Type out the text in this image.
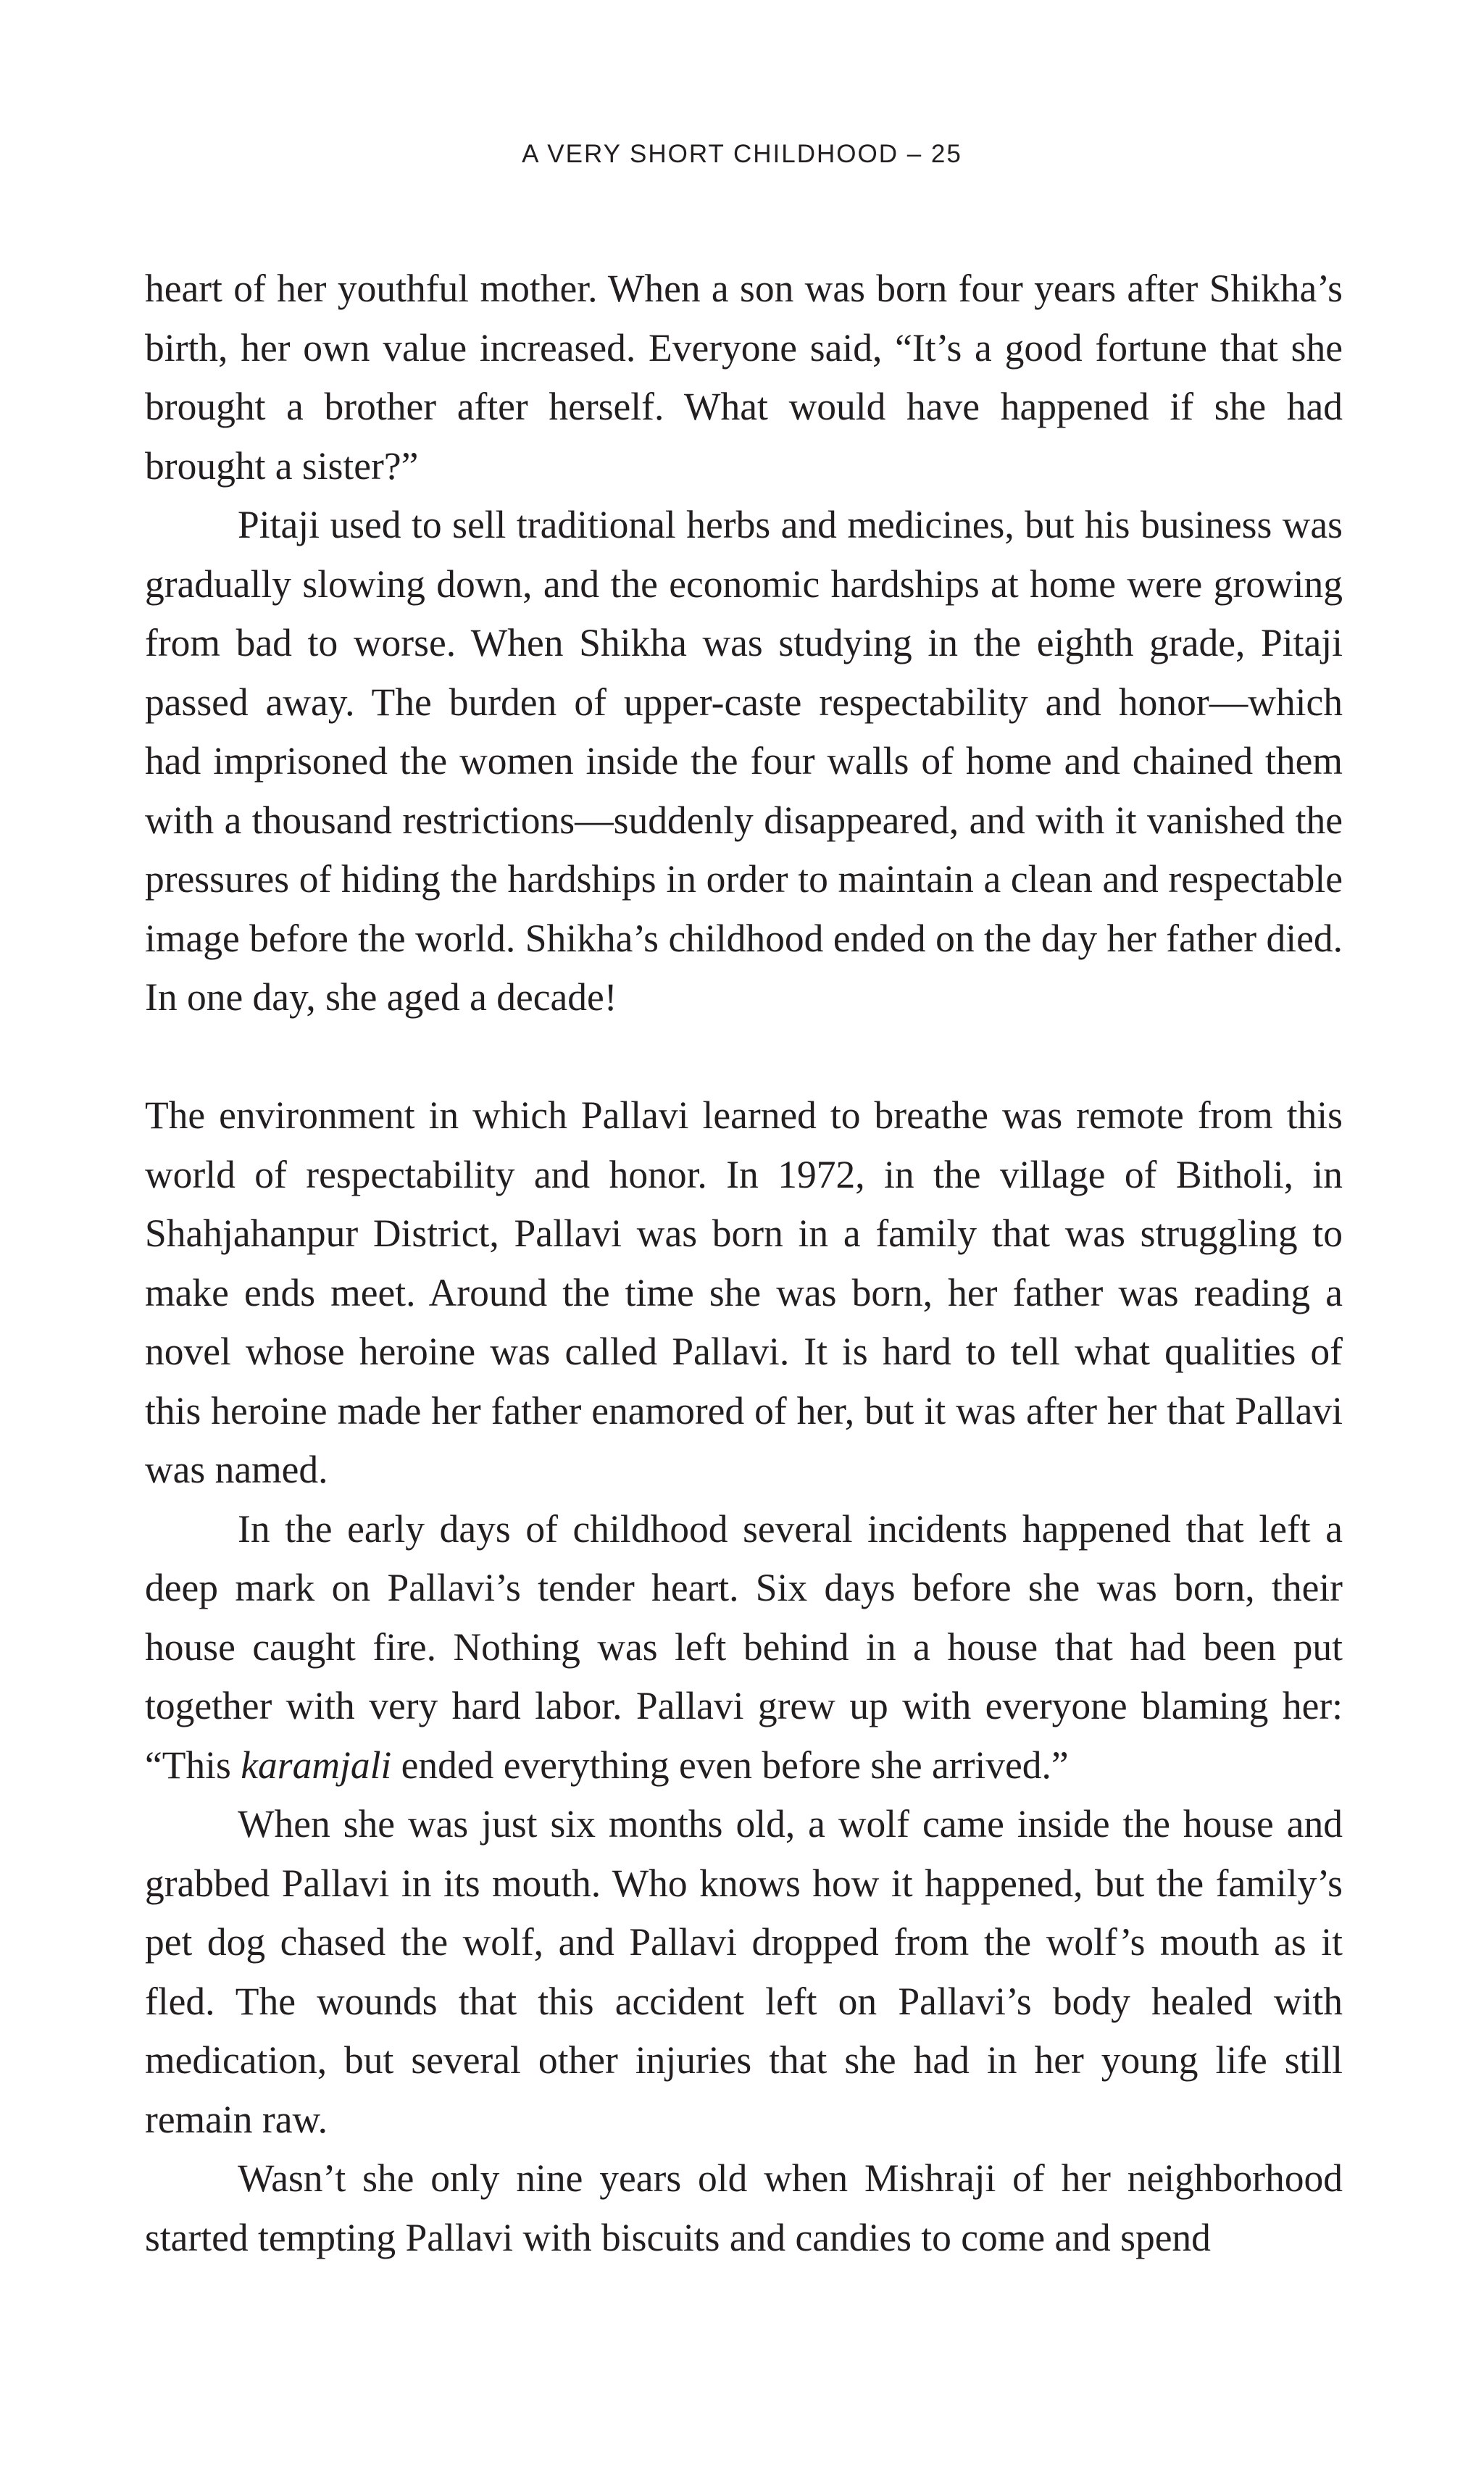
A VERY SHORT CHILDHOOD – 25

heart of her youthful mother. When a son was born four years after Shikha’s birth, her own value increased. Everyone said, “It’s a good fortune that she brought a brother after herself. What would have happened if she had brought a sister?”

Pitaji used to sell traditional herbs and medicines, but his business was gradually slowing down, and the economic hardships at home were growing from bad to worse. When Shikha was studying in the eighth grade, Pitaji passed away. The burden of upper-caste respectability and honor—which had imprisoned the women inside the four walls of home and chained them with a thousand restrictions—suddenly disappeared, and with it vanished the pressures of hiding the hardships in order to maintain a clean and respectable image before the world. Shikha’s childhood ended on the day her father died. In one day, she aged a decade!

The environment in which Pallavi learned to breathe was remote from this world of respectability and honor. In 1972, in the village of Bitholi, in Shahjahanpur District, Pallavi was born in a family that was struggling to make ends meet. Around the time she was born, her father was reading a novel whose heroine was called Pallavi. It is hard to tell what qualities of this heroine made her father enamored of her, but it was after her that Pallavi was named.

In the early days of childhood several incidents happened that left a deep mark on Pallavi’s tender heart. Six days before she was born, their house caught fire. Nothing was left behind in a house that had been put together with very hard labor. Pallavi grew up with everyone blaming her: “This karamjali ended everything even before she arrived.”

When she was just six months old, a wolf came inside the house and grabbed Pallavi in its mouth. Who knows how it happened, but the family’s pet dog chased the wolf, and Pallavi dropped from the wolf’s mouth as it fled. The wounds that this accident left on Pallavi’s body healed with medication, but several other injuries that she had in her young life still remain raw.

Wasn’t she only nine years old when Mishraji of her neighborhood started tempting Pallavi with biscuits and candies to come and spend
